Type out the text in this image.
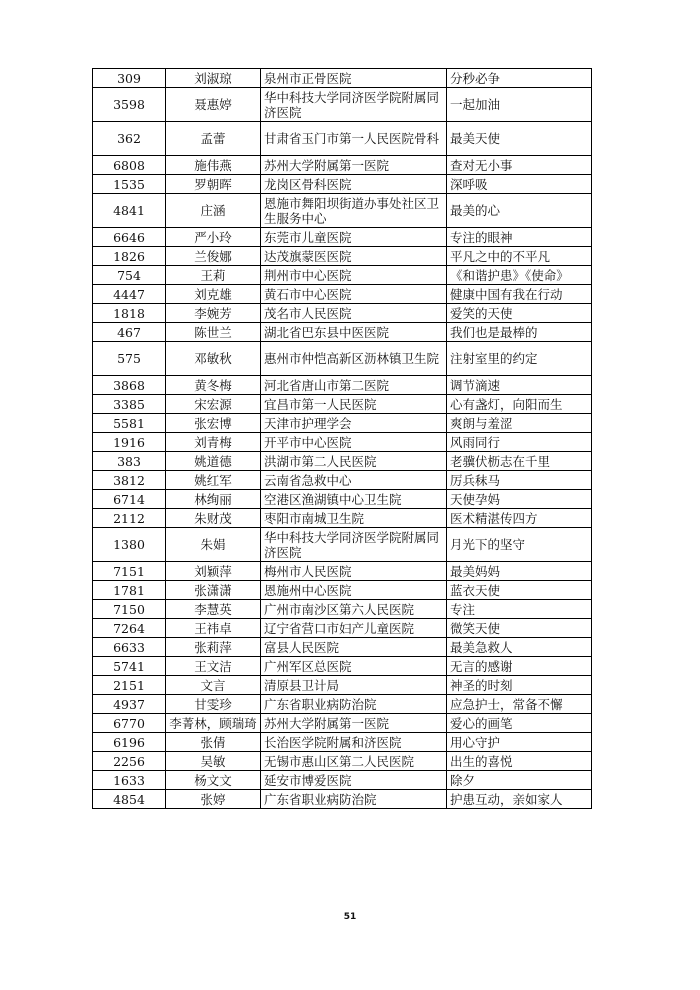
309	刘淑琼	泉州市正骨医院	分秒必争
3598	聂惠婷	华中科技大学同济医学院附属同济医院	一起加油
362	孟蕾	甘肃省玉门市第一人民医院骨科	最美天使
6808	施伟燕	苏州大学附属第一医院	查对无小事
1535	罗朝晖	龙岗区骨科医院	深呼吸
4841	庄涵	恩施市舞阳坝街道办事处社区卫生服务中心	最美的心
6646	严小玲	东莞市儿童医院	专注的眼神
1826	兰俊娜	达茂旗蒙医医院	平凡之中的不平凡
754	王莉	荆州市中心医院	《和谐护患》《使命》
4447	刘克雄	黄石市中心医院	健康中国有我在行动
1818	李婉芳	茂名市人民医院	爱笑的天使
467	陈世兰	湖北省巴东县中医医院	我们也是最棒的
575	邓敏秋	惠州市仲恺高新区沥林镇卫生院	注射室里的约定
3868	黄冬梅	河北省唐山市第二医院	调节滴速
3385	宋宏源	宜昌市第一人民医院	心有盏灯，向阳而生
5581	张宏博	天津市护理学会	爽朗与羞涩
1916	刘青梅	开平市中心医院	风雨同行
383	姚道德	洪湖市第二人民医院	老骥伏枥志在千里
3812	姚红军	云南省急救中心	厉兵秣马
6714	林绚丽	空港区渔湖镇中心卫生院	天使孕妈
2112	朱财茂	枣阳市南城卫生院	医术精湛传四方
1380	朱娟	华中科技大学同济医学院附属同济医院	月光下的坚守
7151	刘颖萍	梅州市人民医院	最美妈妈
1781	张潇潇	恩施州中心医院	蓝衣天使
7150	李慧英	广州市南沙区第六人民医院	专注
7264	王祎卓	辽宁省营口市妇产儿童医院	微笑天使
6633	张莉萍	富县人民医院	最美急救人
5741	王文洁	广州军区总医院	无言的感谢
2151	文言	清原县卫计局	神圣的时刻
4937	甘雯珍	广东省职业病防治院	应急护士，常备不懈
6770	李菁林，顾瑞琦	苏州大学附属第一医院	爱心的画笔
6196	张倩	长治医学院附属和济医院	用心守护
2256	吴敏	无锡市惠山区第二人民医院	出生的喜悦
1633	杨文文	延安市博爱医院	除夕
4854	张婷	广东省职业病防治院	护患互动，亲如家人
51
